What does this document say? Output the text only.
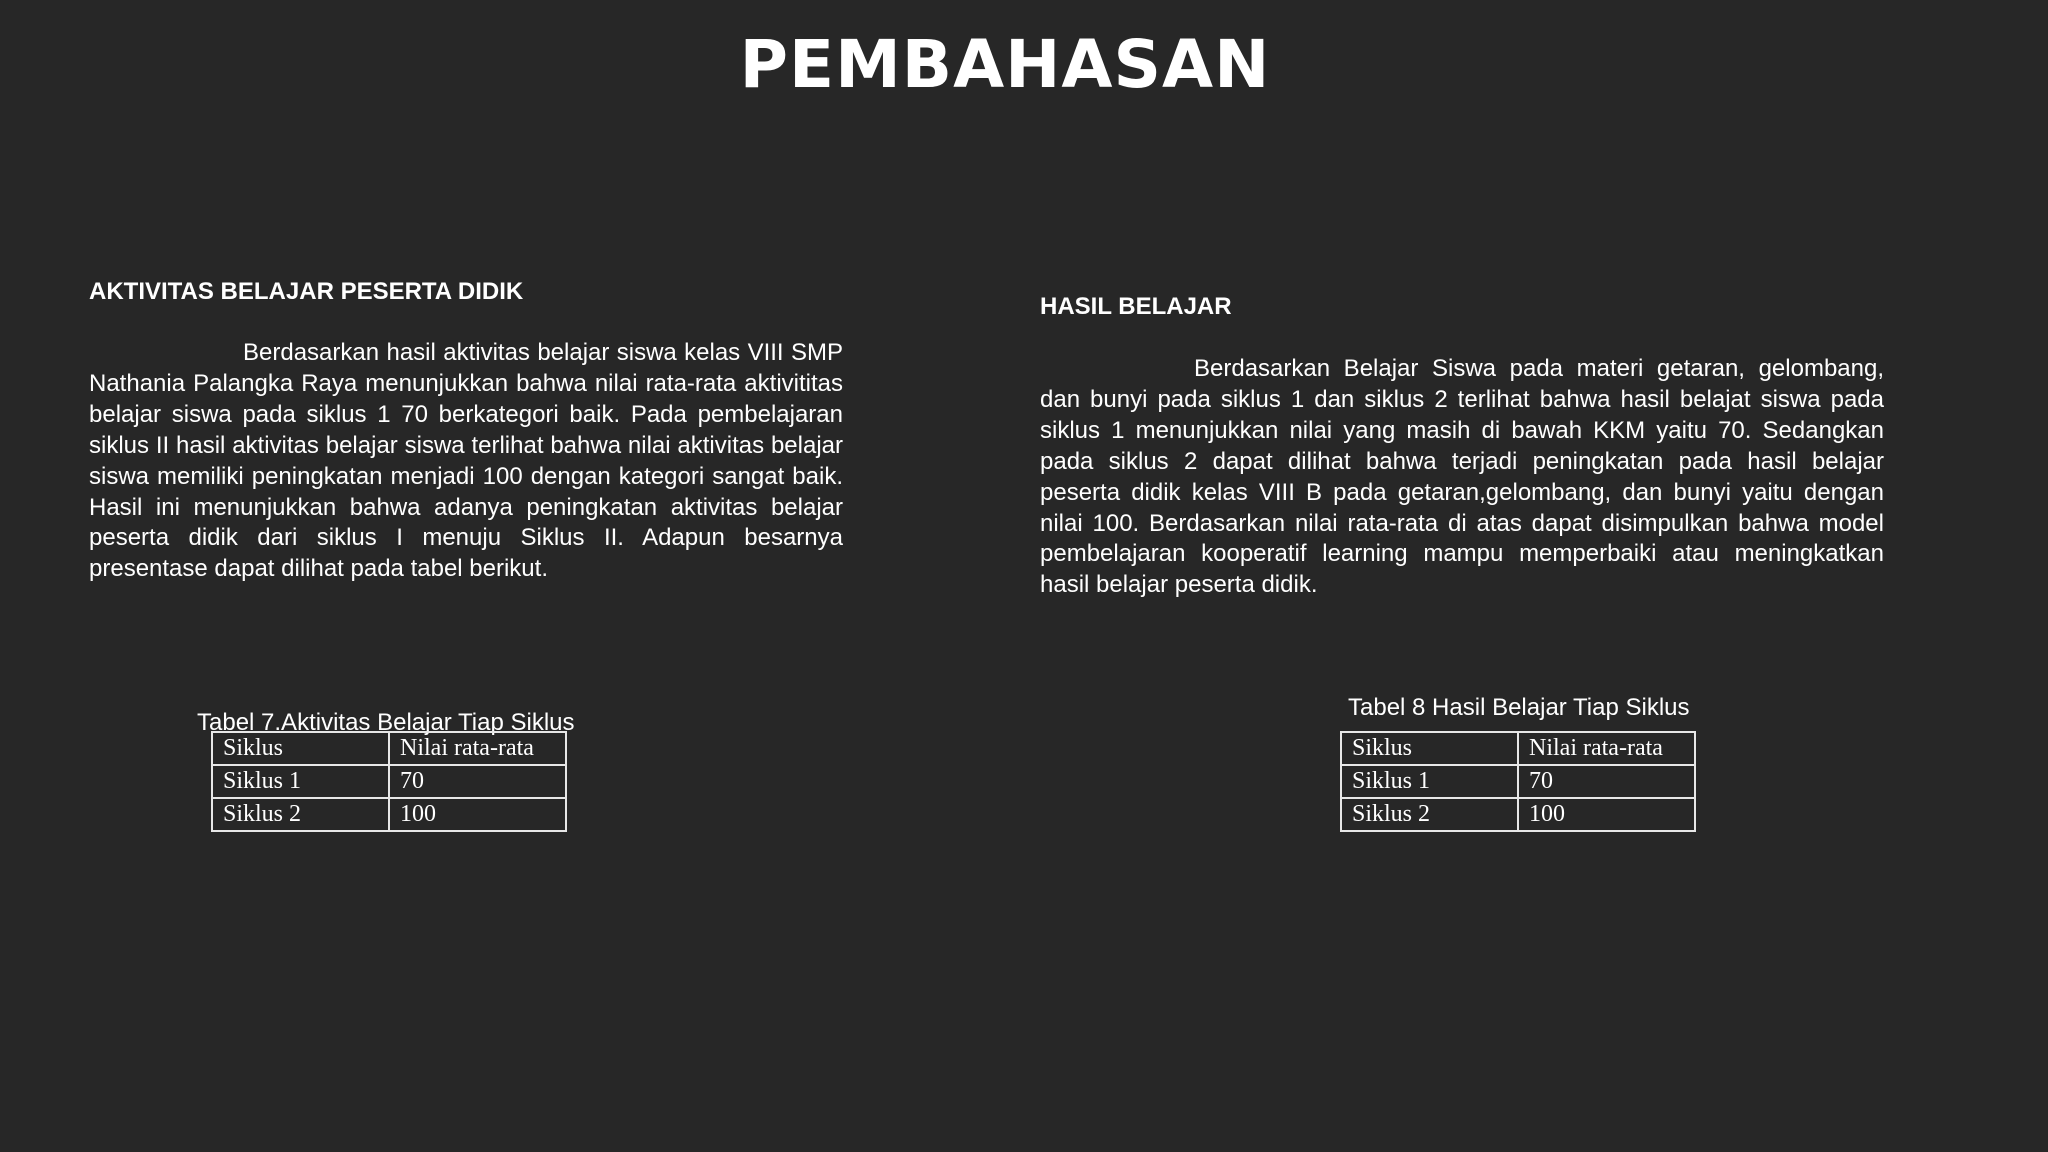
PEMBAHASAN
AKTIVITAS BELAJAR PESERTA DIDIK

Berdasarkan hasil aktivitas belajar siswa kelas VIII SMP Nathania Palangka Raya menunjukkan bahwa nilai rata-rata aktivititas belajar siswa pada siklus 1 70 berkategori baik. Pada pembelajaran siklus II hasil aktivitas belajar siswa terlihat bahwa nilai aktivitas belajar siswa memiliki peningkatan menjadi 100 dengan kategori sangat baik. Hasil ini menunjukkan bahwa adanya peningkatan aktivitas belajar peserta didik dari siklus I menuju Siklus II. Adapun besarnya presentase dapat dilihat pada tabel berikut.

Tabel 7.Aktivitas Belajar Tiap Siklus
Siklus	Nilai rata-rata
Siklus 1	70
Siklus 2	100
HASIL BELAJAR

Berdasarkan Belajar Siswa pada materi getaran, gelombang, dan bunyi pada siklus 1 dan siklus 2 terlihat bahwa hasil belajat siswa pada siklus 1 menunjukkan nilai yang masih di bawah KKM yaitu 70. Sedangkan pada siklus 2 dapat dilihat bahwa terjadi peningkatan pada hasil belajar peserta didik kelas VIII B pada getaran,gelombang, dan bunyi yaitu dengan nilai 100. Berdasarkan nilai rata-rata di atas dapat disimpulkan bahwa model pembelajaran kooperatif learning mampu memperbaiki atau meningkatkan hasil belajar peserta didik.

Tabel 8 Hasil Belajar Tiap Siklus
Siklus	Nilai rata-rata
Siklus 1	70
Siklus 2	100
